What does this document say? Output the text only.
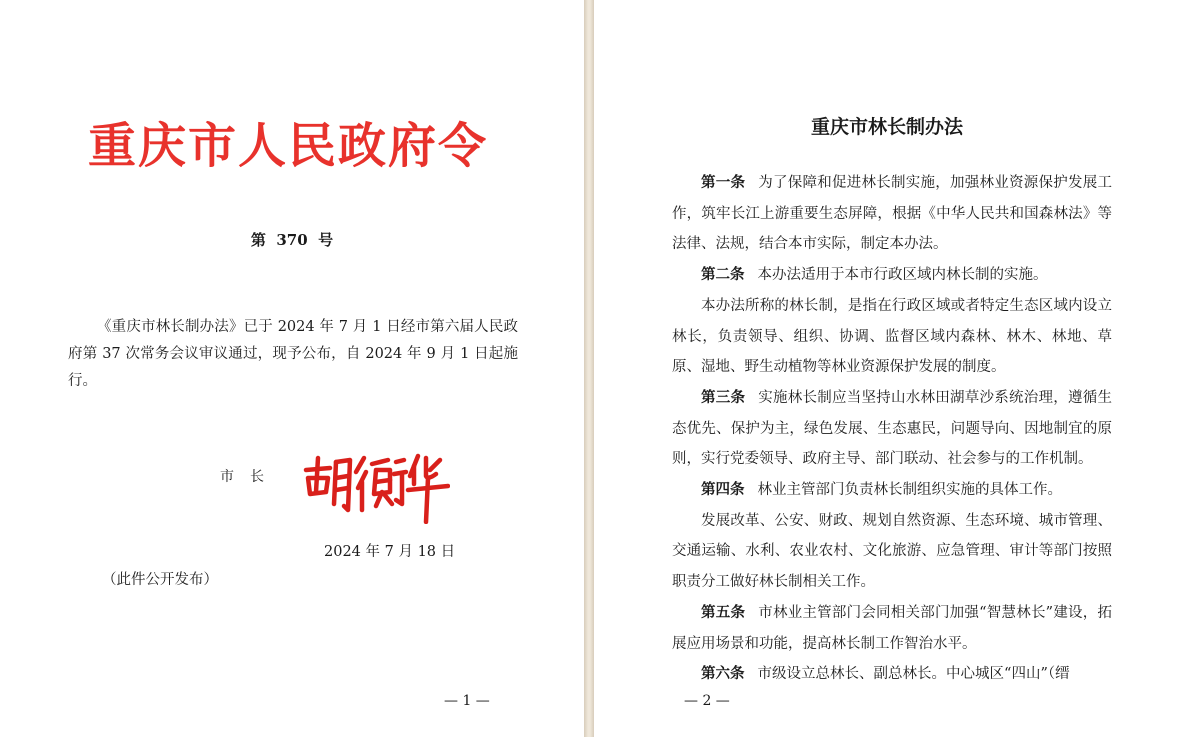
重庆市人民政府令
第  370  号
《重庆市林长制办法》已于 2024 年 7 月 1 日经市第六届人民政府第 37 次常务会议审议通过，现予公布，自 2024 年 9 月 1 日起施行。
市　长
2024 年 7 月 18 日
（此件公开发布）
— 1 —
重庆市林长制办法

第一条 为了保障和促进林长制实施，加强林业资源保护发展工作，筑牢长江上游重要生态屏障，根据《中华人民共和国森林法》等法律、法规，结合本市实际，制定本办法。

第二条 本办法适用于本市行政区域内林长制的实施。

本办法所称的林长制，是指在行政区域或者特定生态区域内设立林长，负责领导、组织、协调、监督区域内森林、林木、林地、草原、湿地、野生动植物等林业资源保护发展的制度。

第三条 实施林长制应当坚持山水林田湖草沙系统治理，遵循生态优先、保护为主，绿色发展、生态惠民，问题导向、因地制宜的原则，实行党委领导、政府主导、部门联动、社会参与的工作机制。

第四条 林业主管部门负责林长制组织实施的具体工作。

发展改革、公安、财政、规划自然资源、生态环境、城市管理、交通运输、水利、农业农村、文化旅游、应急管理、审计等部门按照职责分工做好林长制相关工作。

第五条 市林业主管部门会同相关部门加强“智慧林长”建设，拓展应用场景和功能，提高林长制工作智治水平。

第六条 市级设立总林长、副总林长。中心城区“四山”（缙

— 2 —
